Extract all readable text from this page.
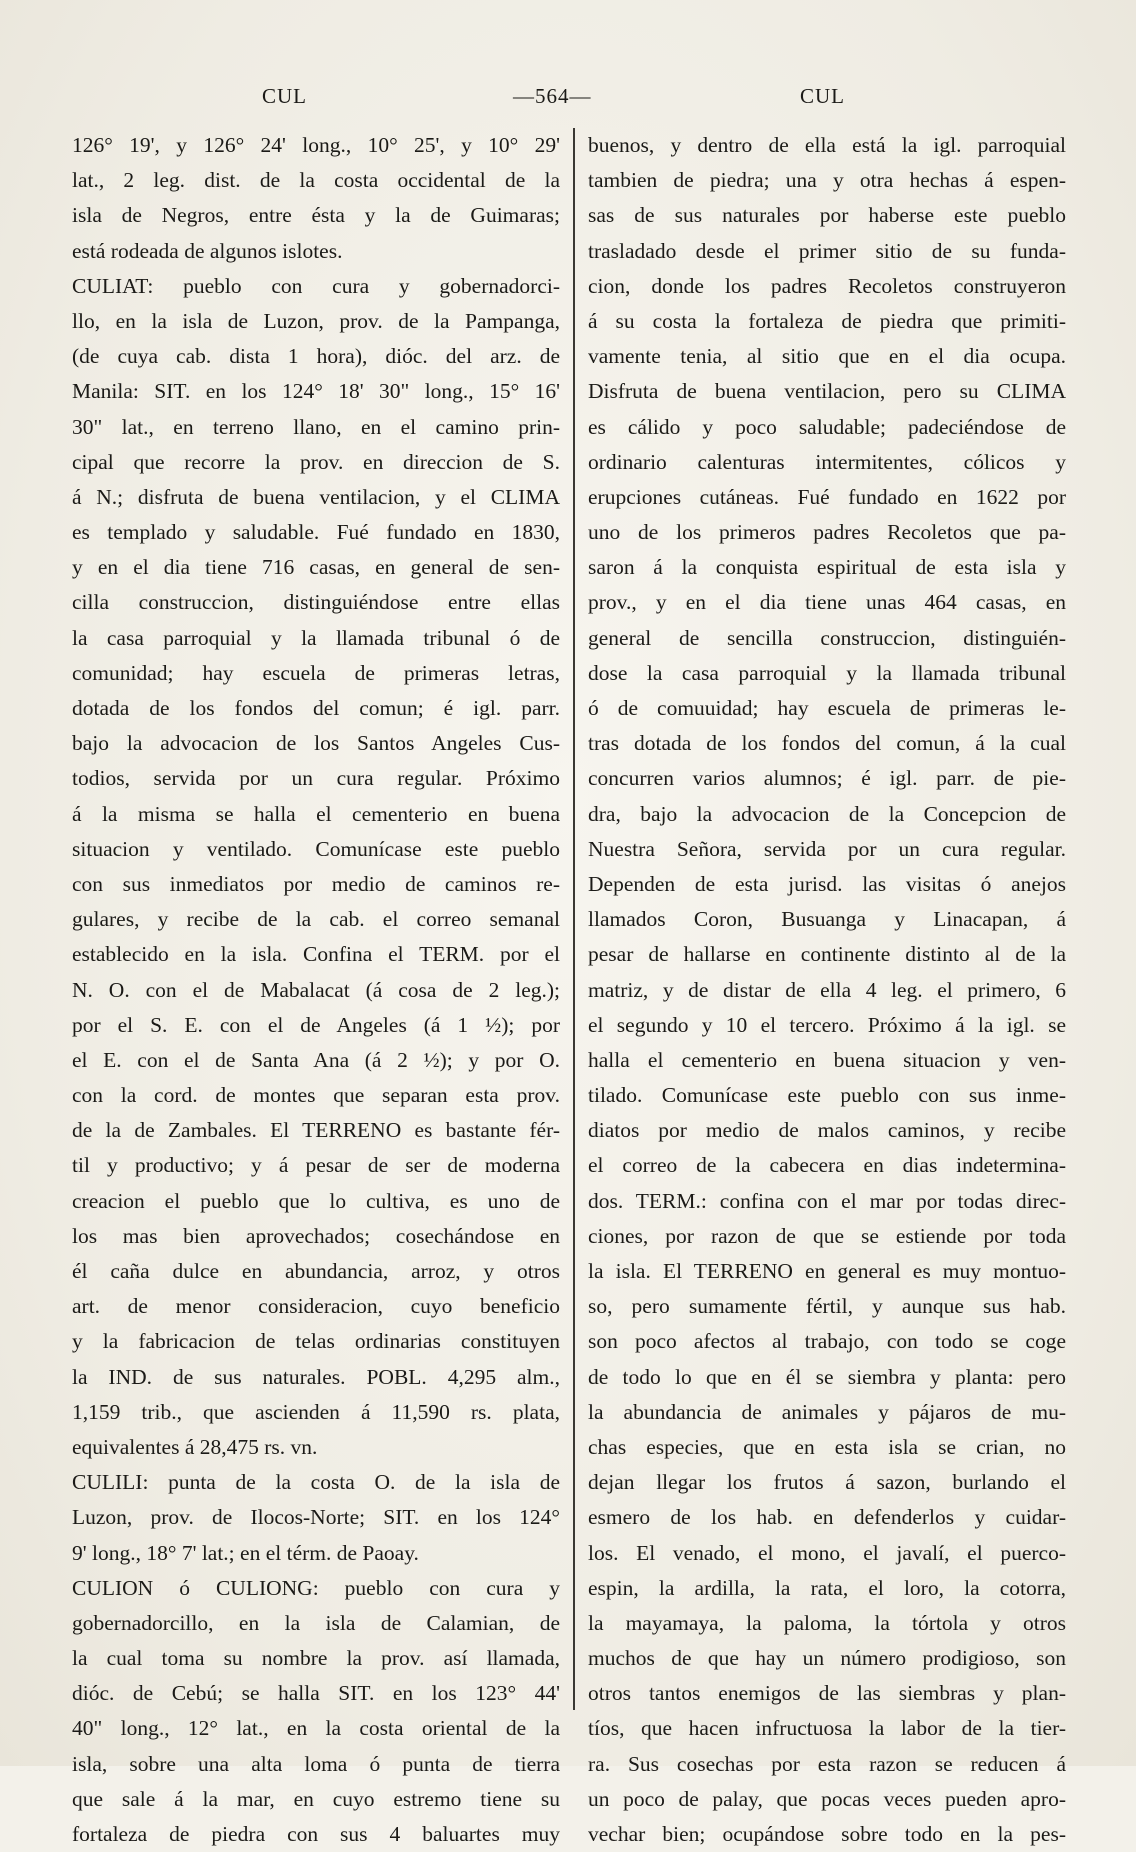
CUL	—564—	CUL
126° 19', y 126° 24' long., 10° 25', y 10° 29'
lat., 2 leg. dist. de la costa occidental de la
isla de Negros, entre ésta y la de Guimaras;
está rodeada de algunos islotes.
CULIAT: pueblo con cura y gobernadorci-
llo, en la isla de Luzon, prov. de la Pampanga,
(de cuya cab. dista 1 hora), dióc. del arz. de
Manila: SIT. en los 124° 18' 30" long., 15° 16'
30" lat., en terreno llano, en el camino prin-
cipal que recorre la prov. en direccion de S.
á N.; disfruta de buena ventilacion, y el CLIMA
es templado y saludable. Fué fundado en 1830,
y en el dia tiene 716 casas, en general de sen-
cilla construccion, distinguiéndose entre ellas
la casa parroquial y la llamada tribunal ó de
comunidad; hay escuela de primeras letras,
dotada de los fondos del comun; é igl. parr.
bajo la advocacion de los Santos Angeles Cus-
todios, servida por un cura regular. Próximo
á la misma se halla el cementerio en buena
situacion y ventilado. Comunícase este pueblo
con sus inmediatos por medio de caminos re-
gulares, y recibe de la cab. el correo semanal
establecido en la isla. Confina el TERM. por el
N. O. con el de Mabalacat (á cosa de 2 leg.);
por el S. E. con el de Angeles (á 1 ½); por
el E. con el de Santa Ana (á 2 ½); y por O.
con la cord. de montes que separan esta prov.
de la de Zambales. El TERRENO es bastante fér-
til y productivo; y á pesar de ser de moderna
creacion el pueblo que lo cultiva, es uno de
los mas bien aprovechados; cosechándose en
él caña dulce en abundancia, arroz, y otros
art. de menor consideracion, cuyo beneficio
y la fabricacion de telas ordinarias constituyen
la IND. de sus naturales. POBL. 4,295 alm.,
1,159 trib., que ascienden á 11,590 rs. plata,
equivalentes á 28,475 rs. vn.
CULILI: punta de la costa O. de la isla de
Luzon, prov. de Ilocos-Norte; SIT. en los 124°
9' long., 18° 7' lat.; en el térm. de Paoay.
CULION ó CULIONG: pueblo con cura y
gobernadorcillo, en la isla de Calamian, de
la cual toma su nombre la prov. así llamada,
dióc. de Cebú; se halla SIT. en los 123° 44'
40" long., 12° lat., en la costa oriental de la
isla, sobre una alta loma ó punta de tierra
que sale á la mar, en cuyo estremo tiene su
fortaleza de piedra con sus 4 baluartes muy
buenos, y dentro de ella está la igl. parroquial
tambien de piedra; una y otra hechas á espen-
sas de sus naturales por haberse este pueblo
trasladado desde el primer sitio de su funda-
cion, donde los padres Recoletos construyeron
á su costa la fortaleza de piedra que primiti-
vamente tenia, al sitio que en el dia ocupa.
Disfruta de buena ventilacion, pero su CLIMA
es cálido y poco saludable; padeciéndose de
ordinario calenturas intermitentes, cólicos y
erupciones cutáneas. Fué fundado en 1622 por
uno de los primeros padres Recoletos que pa-
saron á la conquista espiritual de esta isla y
prov., y en el dia tiene unas 464 casas, en
general de sencilla construccion, distinguién-
dose la casa parroquial y la llamada tribunal
ó de comuuidad; hay escuela de primeras le-
tras dotada de los fondos del comun, á la cual
concurren varios alumnos; é igl. parr. de pie-
dra, bajo la advocacion de la Concepcion de
Nuestra Señora, servida por un cura regular.
Dependen de esta jurisd. las visitas ó anejos
llamados Coron, Busuanga y Linacapan, á
pesar de hallarse en continente distinto al de la
matriz, y de distar de ella 4 leg. el primero, 6
el segundo y 10 el tercero. Próximo á la igl. se
halla el cementerio en buena situacion y ven-
tilado. Comunícase este pueblo con sus inme-
diatos por medio de malos caminos, y recibe
el correo de la cabecera en dias indetermina-
dos. TERM.: confina con el mar por todas direc-
ciones, por razon de que se estiende por toda
la isla. El TERRENO en general es muy montuo-
so, pero sumamente fértil, y aunque sus hab.
son poco afectos al trabajo, con todo se coge
de todo lo que en él se siembra y planta: pero
la abundancia de animales y pájaros de mu-
chas especies, que en esta isla se crian, no
dejan llegar los frutos á sazon, burlando el
esmero de los hab. en defenderlos y cuidar-
los. El venado, el mono, el javalí, el puerco-
espin, la ardilla, la rata, el loro, la cotorra,
la mayamaya, la paloma, la tórtola y otros
muchos de que hay un número prodigioso, son
otros tantos enemigos de las siembras y plan-
tíos, que hacen infructuosa la labor de la tier-
ra. Sus cosechas por esta razon se reducen á
un poco de palay, que pocas veces pueden apro-
vechar bien; ocupándose sobre todo en la pes-
